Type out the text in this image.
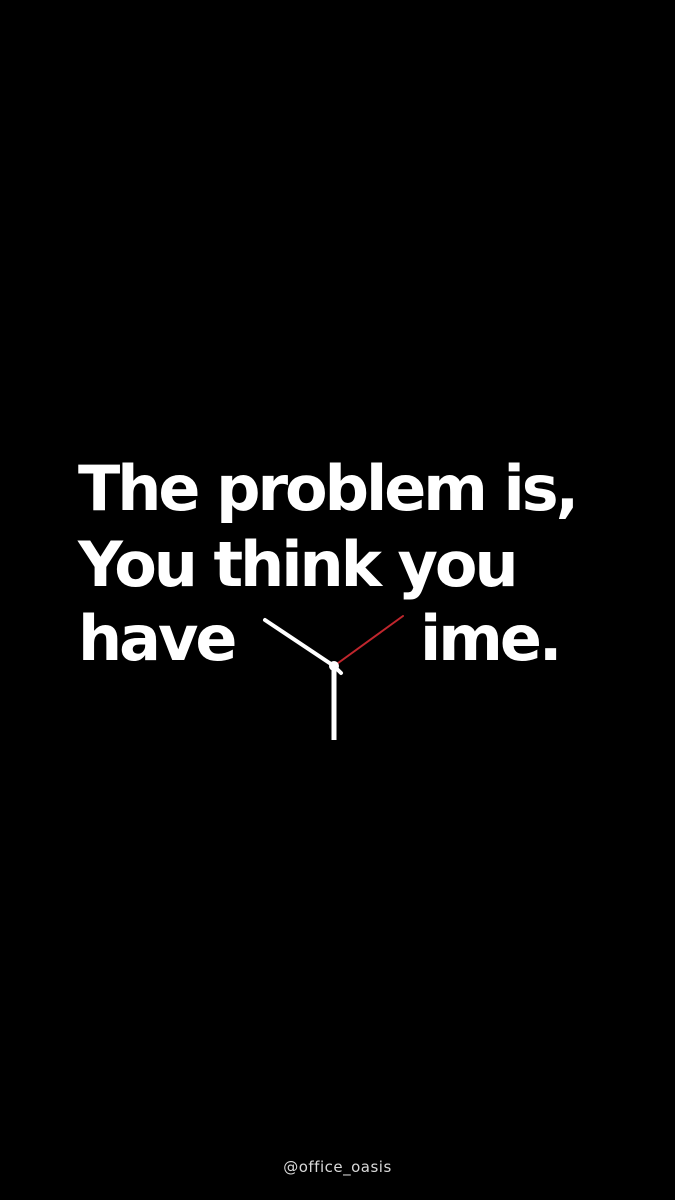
The problem is,
You think you
have	ime.
@office_oasis
